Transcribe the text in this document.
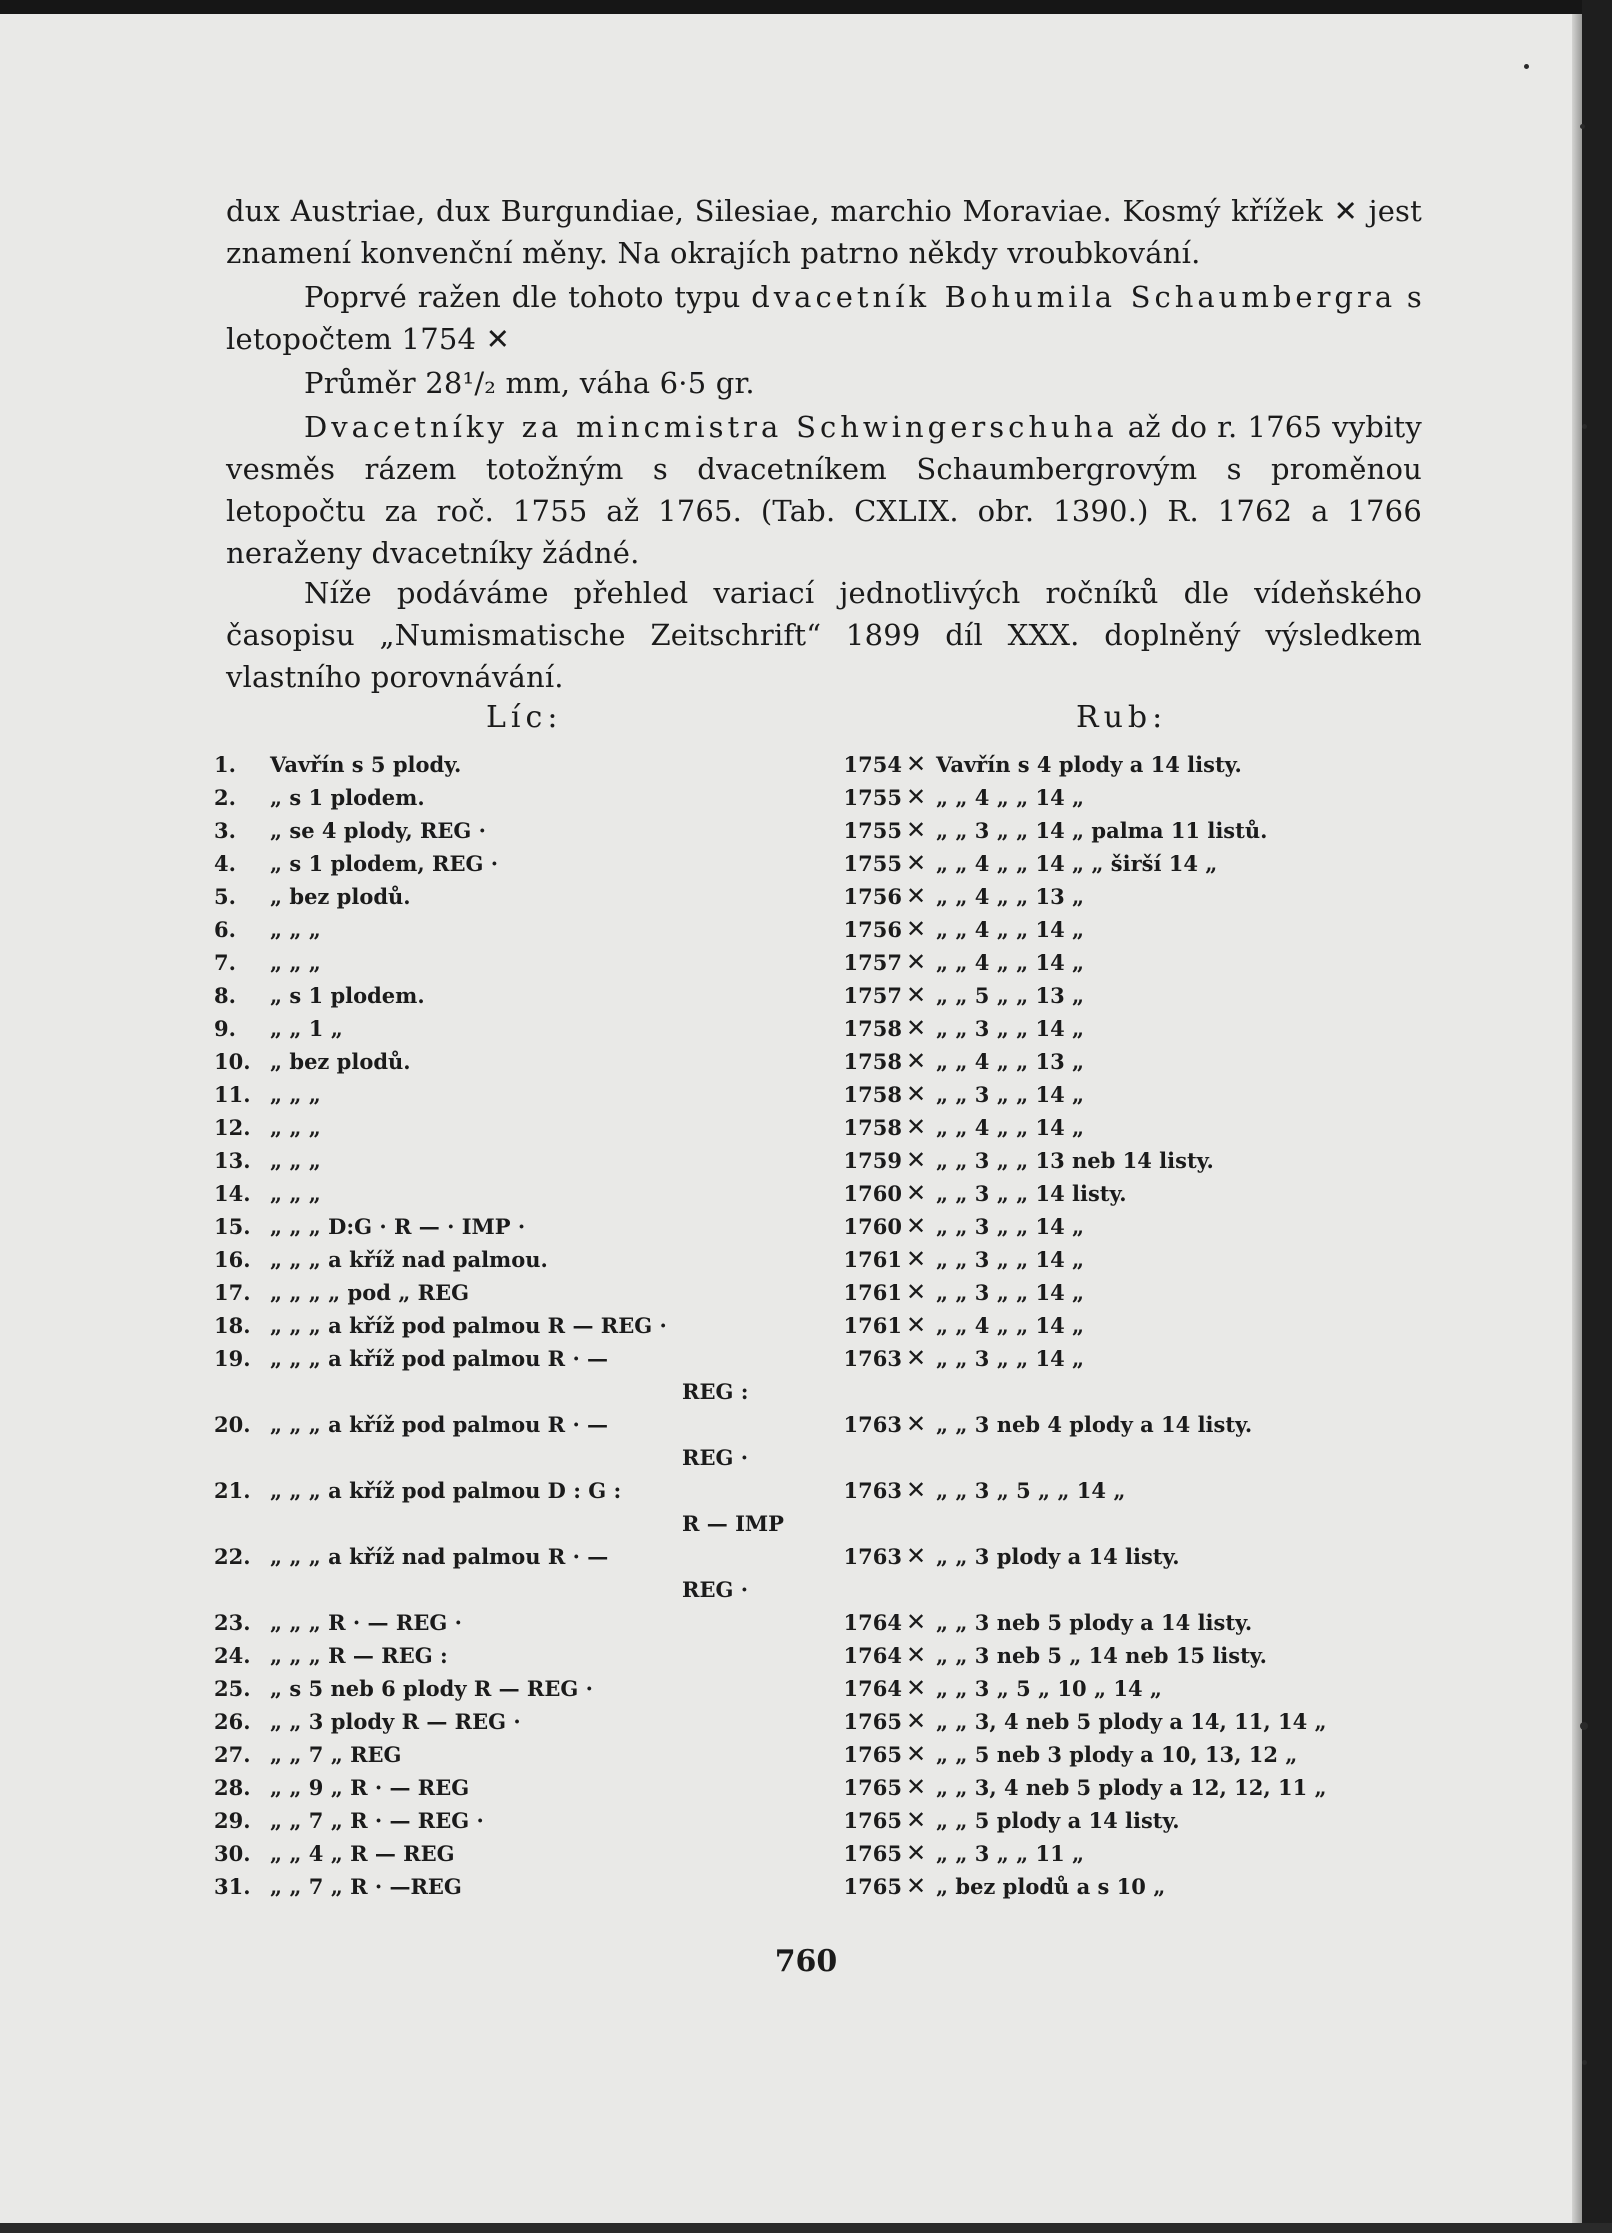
dux Austriae, dux Burgundiae, Silesiae, marchio Moraviae. Kosmý křížek ✕ jest znamení konvenční měny. Na okrajích patrno někdy vroubkování.

Poprvé ražen dle tohoto typu dvacetník Bohumila Schaumbergra s letopočtem 1754 ✕

Průměr 28¹/₂ mm, váha 6·5 gr.

Dvacetníky za mincmistra Schwingerschuha až do r. 1765 vybity vesměs rázem totožným s dvacetníkem Schaumbergrovým s proměnou letopočtu za roč. 1755 až 1765. (Tab. CXLIX. obr. 1390.) R. 1762 a 1766 neraženy dvacetníky žádné.

Níže podáváme přehled variací jednotlivých ročníků dle vídeňského časopisu „Numismatische Zeitschrift“ 1899 díl XXX. doplněný výsledkem vlastního porovnávání.

Líc:	Rub:
1.	Vavřín s 5 plody.	1754 ✕ Vavřín s 4 plody a 14 listy.
2.	„ s 1 plodem.	1755 ✕ „ „ 4 „ „ 14 „
3.	„ se 4 plody, REG ·	1755 ✕ „ „ 3 „ „ 14 „ palma 11 listů.
4.	„ s 1 plodem, REG ·	1755 ✕ „ „ 4 „ „ 14 „ „ širší 14 „
5.	„ bez plodů.	1756 ✕ „ „ 4 „ „ 13 „
6.	„ „ „	1756 ✕ „ „ 4 „ „ 14 „
7.	„ „ „	1757 ✕ „ „ 4 „ „ 14 „
8.	„ s 1 plodem.	1757 ✕ „ „ 5 „ „ 13 „
9.	„ „ 1 „	1758 ✕ „ „ 3 „ „ 14 „
10. „ bez plodů.	1758 ✕ „ „ 4 „ „ 13 „
11. „ „ „	1758 ✕ „ „ 3 „ „ 14 „
12. „ „ „	1758 ✕ „ „ 4 „ „ 14 „
13. „ „ „	1759 ✕ „ „ 3 „ „ 13 neb 14 listy.
14. „ „ „	1760 ✕ „ „ 3 „ „ 14 listy.
15. „ „ „ D:G · R — · IMP ·	1760 ✕ „ „ 3 „ „ 14 „
16. „ „ „ a kříž nad palmou.	1761 ✕ „ „ 3 „ „ 14 „
17. „ „ „ „ pod „ REG	1761 ✕ „ „ 3 „ „ 14 „
18. „ „ „ a kříž pod palmou R — REG ·	1761 ✕ „ „ 4 „ „ 14 „
19. „ „ „ a kříž pod palmou R · —	1763 ✕ „ „ 3 „ „ 14 „
REG :
20. „ „ „ a kříž pod palmou R · —	1763 ✕ „ „ 3 neb 4 plody a 14 listy.
REG ·
21. „ „ „ a kříž pod palmou D : G :	1763 ✕ „ „ 3 „ 5 „ „ 14 „
R — IMP
22. „ „ „ a kříž nad palmou R · —	1763 ✕ „ „ 3 plody a 14 listy.
REG ·
23. „ „ „ R · — REG ·	1764 ✕ „ „ 3 neb 5 plody a 14 listy.
24. „ „ „ R — REG :	1764 ✕ „ „ 3 neb 5 „ 14 neb 15 listy.
25. „ s 5 neb 6 plody R — REG ·	1764 ✕ „ „ 3 „ 5 „ 10 „ 14 „
26. „ „ 3 plody R — REG ·	1765 ✕ „ „ 3, 4 neb 5 plody a 14, 11, 14 „
27. „ „ 7 „ REG	1765 ✕ „ „ 5 neb 3 plody a 10, 13, 12 „
28. „ „ 9 „ R · — REG	1765 ✕ „ „ 3, 4 neb 5 plody a 12, 12, 11 „
29. „ „ 7 „ R · — REG ·	1765 ✕ „ „ 5 plody a 14 listy.
30. „ „ 4 „ R — REG	1765 ✕ „ „ 3 „ „ 11 „
31. „ „ 7 „ R · —REG	1765 ✕ „ bez plodů a s 10 „
760
